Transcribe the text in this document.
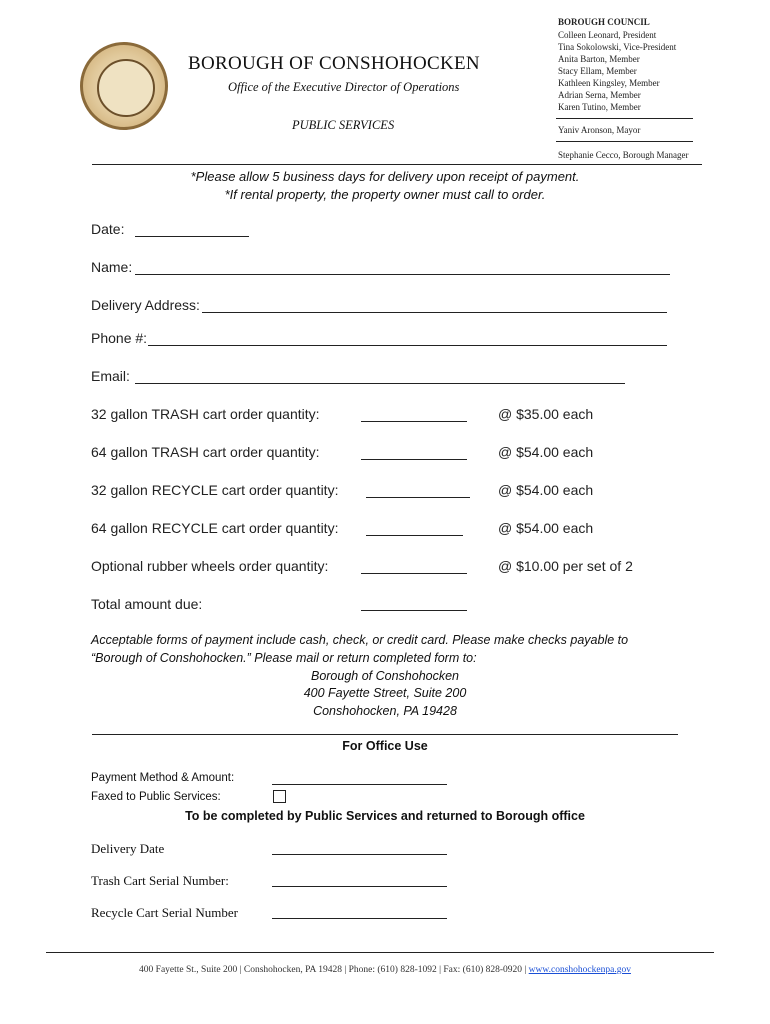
BOROUGH OF CONSHOHOCKEN
Office of the Executive Director of Operations
PUBLIC SERVICES
BOROUGH COUNCIL
Colleen Leonard, President
Tina Sokolowski, Vice-President
Anita Barton, Member
Stacy Ellam, Member
Kathleen Kingsley, Member
Adrian Serna, Member
Karen Tutino, Member
Yaniv Aronson, Mayor
Stephanie Cecco, Borough Manager
*Please allow 5 business days for delivery upon receipt of payment.
*If rental property, the property owner must call to order.
Date:
Name:
Delivery Address:
Phone #:
Email:
32 gallon TRASH cart order quantity:	@ $35.00 each
64 gallon TRASH cart order quantity:	@ $54.00 each
32 gallon RECYCLE cart order quantity:	@ $54.00 each
64 gallon RECYCLE cart order quantity:	@ $54.00 each
Optional rubber wheels order quantity:	@ $10.00 per set of 2
Total amount due:
Acceptable forms of payment include cash, check, or credit card. Please make checks payable to
“Borough of Conshohocken.” Please mail or return completed form to:
Borough of Conshohocken
400 Fayette Street, Suite 200
Conshohocken, PA 19428
For Office Use
Payment Method & Amount:
Faxed to Public Services:
To be completed by Public Services and returned to Borough office
Delivery Date
Trash Cart Serial Number:
Recycle Cart Serial Number
400 Fayette St., Suite 200 | Conshohocken, PA 19428 | Phone: (610) 828-1092 | Fax: (610) 828-0920 | www.conshohockenpa.gov
